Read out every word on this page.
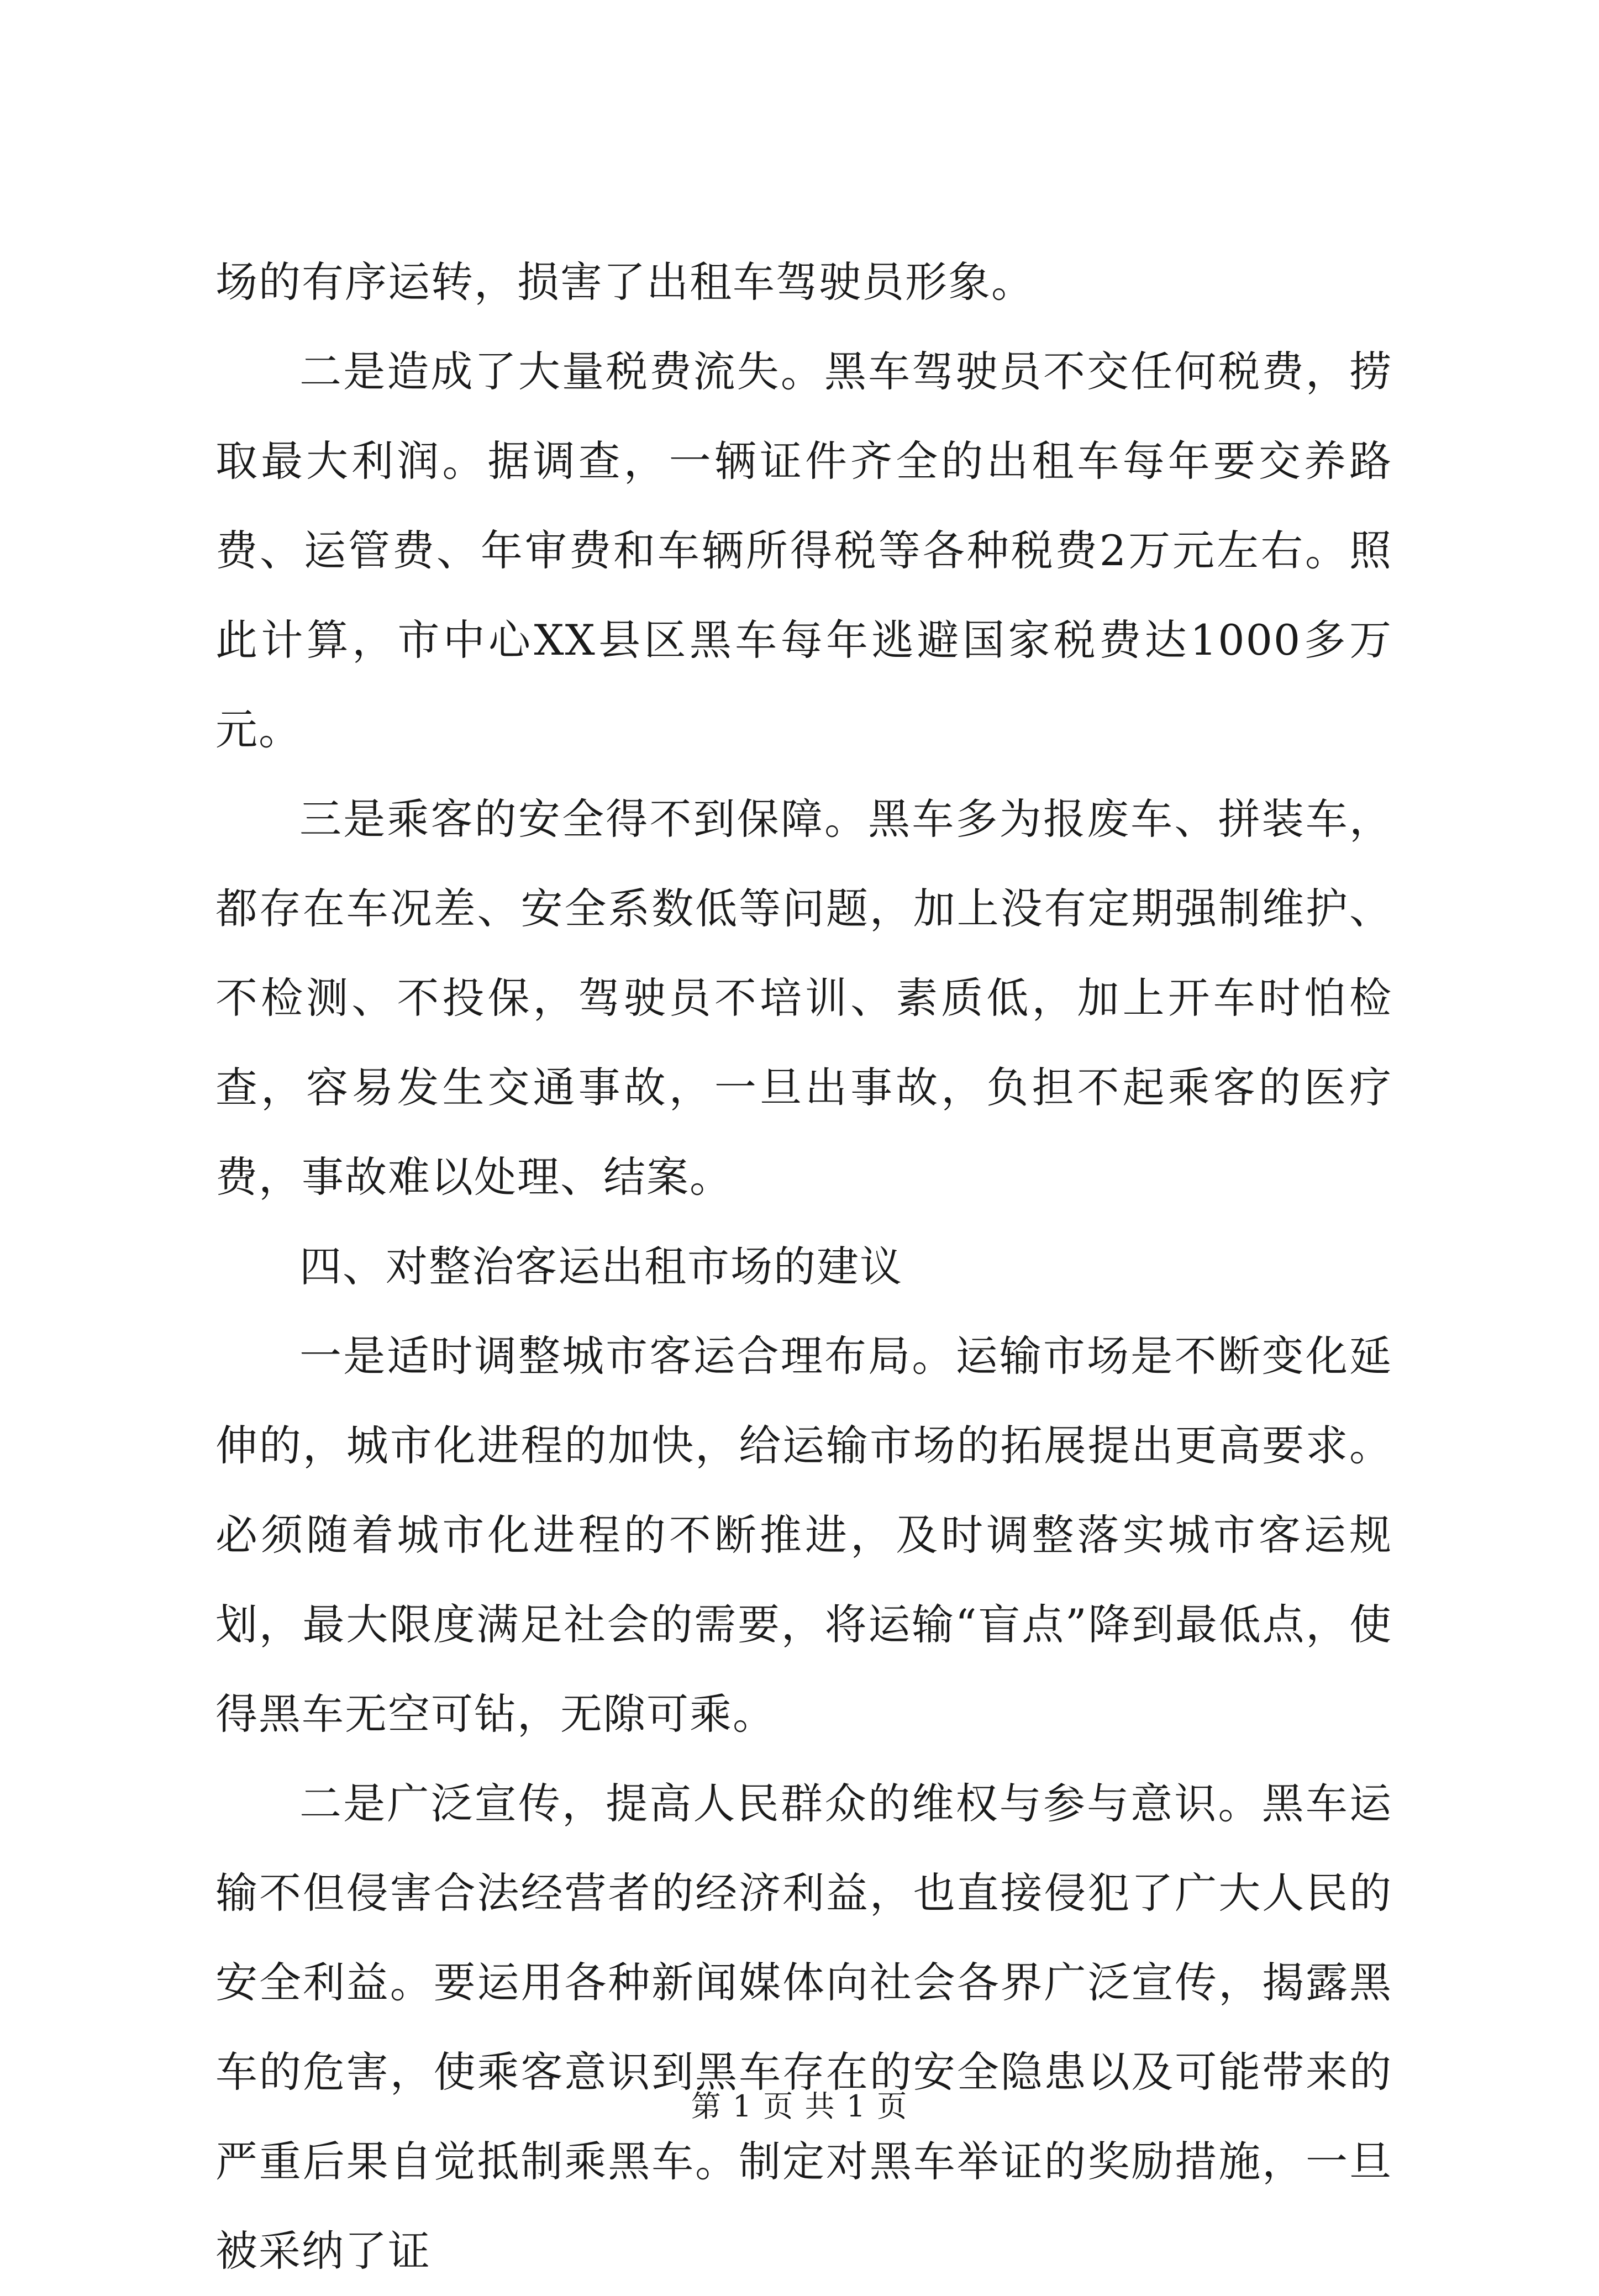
场的有序运转，损害了出租车驾驶员形象。

二是造成了大量税费流失。黑车驾驶员不交任何税费，捞取最大利润。据调查，一辆证件齐全的出租车每年要交养路费、运管费、年审费和车辆所得税等各种税费2万元左右。照此计算，市中心XX县区黑车每年逃避国家税费达1000多万元。

三是乘客的安全得不到保障。黑车多为报废车、拼装车，都存在车况差、安全系数低等问题，加上没有定期强制维护、不检测、不投保，驾驶员不培训、素质低，加上开车时怕检查，容易发生交通事故，一旦出事故，负担不起乘客的医疗费，事故难以处理、结案。

四、对整治客运出租市场的建议

一是适时调整城市客运合理布局。运输市场是不断变化延伸的，城市化进程的加快，给运输市场的拓展提出更高要求。必须随着城市化进程的不断推进，及时调整落实城市客运规划，最大限度满足社会的需要，将运输“盲点”降到最低点，使得黑车无空可钻，无隙可乘。

二是广泛宣传，提高人民群众的维权与参与意识。黑车运输不但侵害合法经营者的经济利益，也直接侵犯了广大人民的安全利益。要运用各种新闻媒体向社会各界广泛宣传，揭露黑车的危害，使乘客意识到黑车存在的安全隐患以及可能带来的严重后果自觉抵制乘黑车。制定对黑车举证的奖励措施，一旦被采纳了证

第 1 页 共 1 页
